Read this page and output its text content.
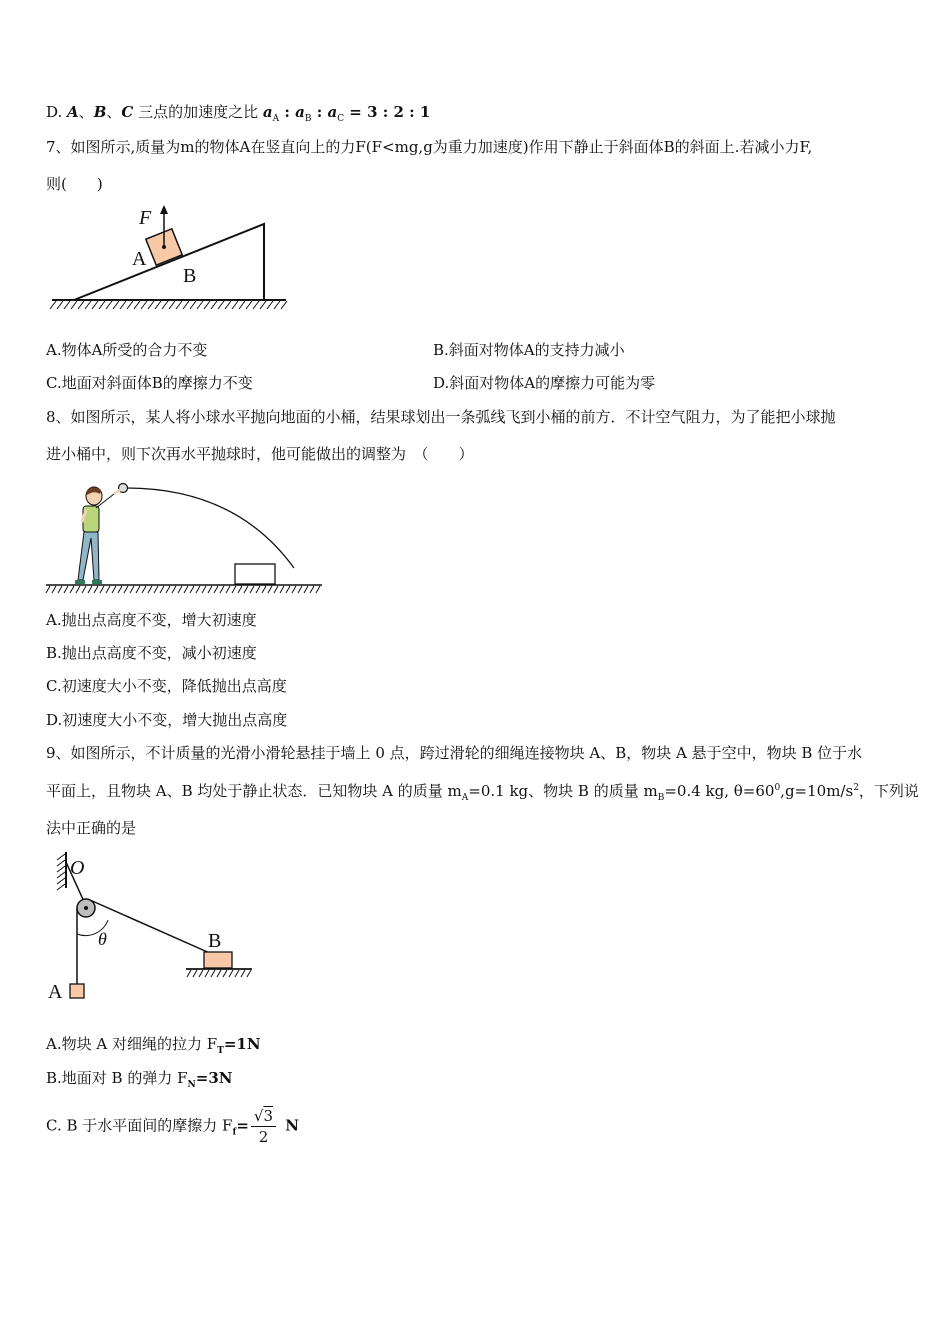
D. A、B、C 三点的加速度之比 $a_A$ : $a_B$ : $a_C = 3$ : 2 : 1
7、如图所示,质量为m的物体A在竖直向上的力F(F<mg,g为重力加速度)作用下静止于斜面体B的斜面上.若减小力F,
则(　　)
F
A
B
A.物体A所受的合力不变	B.斜面对物体A的支持力减小
C.地面对斜面体B的摩擦力不变	D.斜面对物体A的摩擦力可能为零
8、如图所示，某人将小球水平抛向地面的小桶，结果球划出一条弧线飞到小桶的前方．不计空气阻力，为了能把小球抛
进小桶中，则下次再水平抛球时，他可能做出的调整为　（　　）
A.抛出点高度不变，增大初速度
B.抛出点高度不变，减小初速度
C.初速度大小不变，降低抛出点高度
D.初速度大小不变，增大抛出点高度
9、如图所示，不计质量的光滑小滑轮悬挂于墙上 0 点，跨过滑轮的细绳连接物块 A、B，物块 A 悬于空中，物块 B 位于水
平面上，且物块 A、B 均处于静止状态．已知物块 A 的质量 $m_A=0.1$ kg、物块 B 的质量 $m_B=0.4$ kg, $\theta=60^0,g=10m/s^2$，下列说
法中正确的是
O
θ	B
A
A.物块 A 对细绳的拉力 $F_T=1N$
B.地面对 B 的弹力 $F_N=3N$
C. B 于水平面间的摩擦力 $F_f= \frac{√3}{2}$ N
